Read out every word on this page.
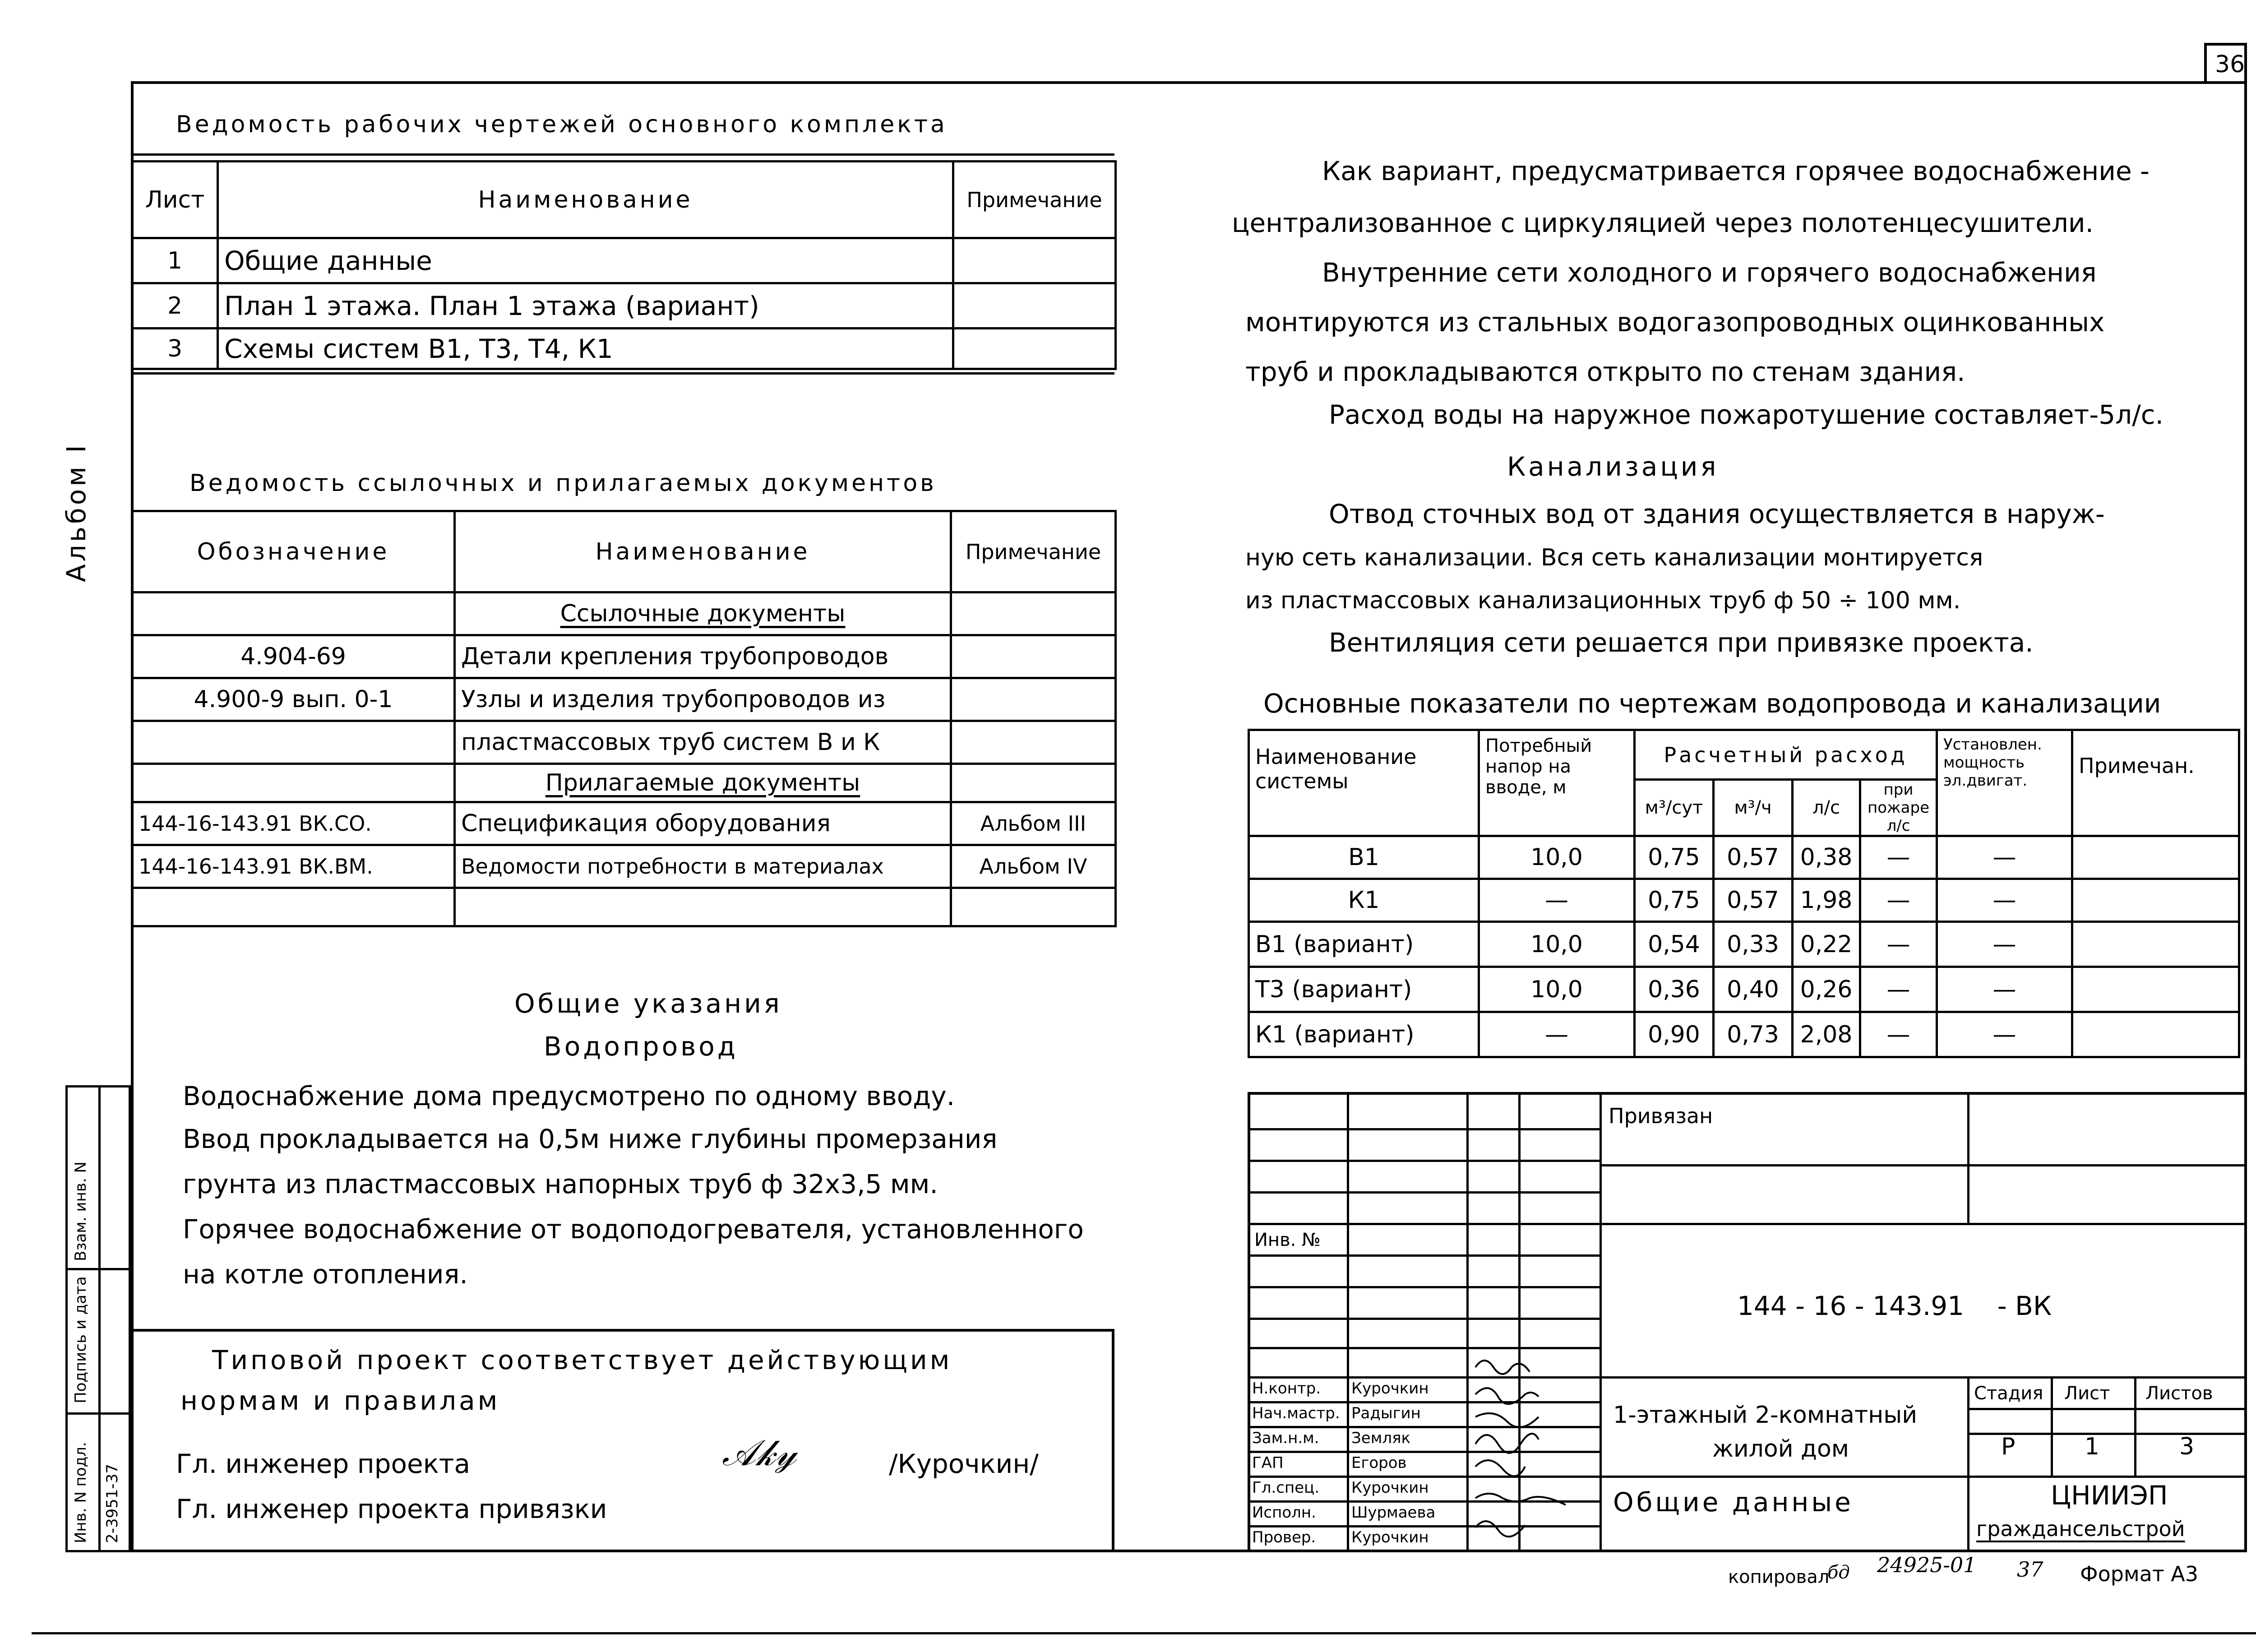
36
Альбом I
Инв. N подл. 2-3951-37
Подпись и дата
Взам. инв. N
Ведомость рабочих чертежей основного комплекта
Лист	Наименование	Примечание
1	Общие данные	
2	План 1 этажа. План 1 этажа (вариант)	
3	Схемы систем В1, Т3, Т4, К1	
Ведомость ссылочных и прилагаемых документов
Обозначение	Наименование	Примечание
	Ссылочные документы	
4.904-69	Детали крепления трубопроводов	
4.900-9 вып. 0-1	Узлы и изделия трубопроводов из	
	пластмассовых труб систем В и К	
	Прилагаемые документы	
144-16-143.91 ВК.СО.	Спецификация оборудования	Альбом III
144-16-143.91 ВК.ВМ.	Ведомости потребности в материалах	Альбом IV

Общие указания
Водопровод
Водоснабжение дома предусмотрено по одному вводу.
Ввод прокладывается на 0,5м ниже глубины промерзания
грунта из пластмассовых напорных труб ф 32х3,5 мм.
Горячее водоснабжение от водоподогревателя, установленного
на котле отопления.
Типовой проект соответствует действующим
нормам и правилам
Гл. инженер проекта	𝒜𝓀𝓎	/Курочкин/
Гл. инженер проекта привязки
Как вариант, предусматривается горячее водоснабжение -
централизованное с циркуляцией через полотенцесушители.
Внутренние сети холодного и горячего водоснабжения
монтируются из стальных водогазопроводных оцинкованных
труб и прокладываются открыто по стенам здания.
Расход воды на наружное пожаротушение составляет-5л/с.
Канализация
Отвод сточных вод от здания осуществляется в наруж-
ную сеть канализации. Вся сеть канализации монтируется
из пластмассовых канализационных труб ф 50 ÷ 100 мм.
Вентиляция сети решается при привязке проекта.
Основные показатели по чертежам водопровода и канализации
Наименование системы	Потребный напор на вводе, м	Расчетный расход				Установлен. мощность эл.двигат.	Примечан.
		м³/сут	м³/ч	л/с	при пожаре л/с		
В1	10,0	0,75	0,57	0,38	—	—	
К1	—	0,75	0,57	1,98	—	—	
В1 (вариант)	10,0	0,54	0,33	0,22	—	—	
Т3 (вариант)	10,0	0,36	0,40	0,26	—	—	
К1 (вариант)	—	0,90	0,73	2,08	—	—	
Привязан
Инв. №
144 - 16 - 143.91    - ВК
1-этажный 2-комнатный
жилой дом
Общие данные
Стадия Лист Листов
Р	1	3
ЦНИИЭП
граждансельстрой
Н.контр. Курочкин
Нач.мастр. Радыгин
Зам.н.м. Земляк
ГАП	Егоров
Гл.спец. Курочкин
Исполн. Шурмаева
Провер. Курочкин
копировал
бд 24925-01 37 Формат А3
